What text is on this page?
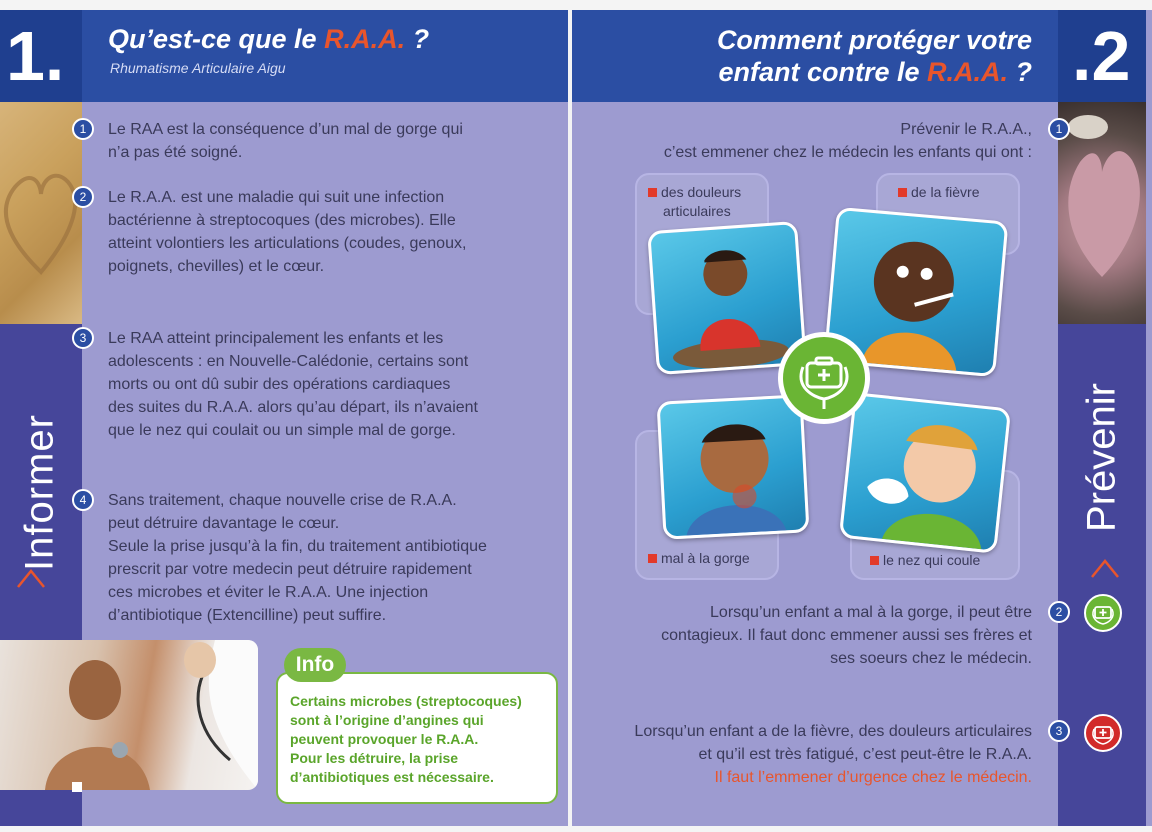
1. Qu’est-ce que le R.A.A. ?
Rhumatisme Articulaire Aigu
Informer
1	Le RAA est la conséquence d’un mal de gorge qui
n’a pas été soigné.
2	Le R.A.A. est une maladie qui suit une infection
bactérienne à streptocoques (des microbes). Elle
atteint volontiers les articulations (coudes, genoux,
poignets, chevilles) et le cœur.
3	Le RAA atteint principalement les enfants et les
adolescents : en Nouvelle-Calédonie, certains sont
morts ou ont dû subir des opérations cardiaques
des suites du R.A.A. alors qu’au départ, ils n’avaient
que le nez qui coulait ou un simple mal de gorge.
4	Sans traitement, chaque nouvelle crise de R.A.A.
peut détruire davantage le cœur.
Seule la prise jusqu’à la fin, du traitement antibiotique
prescrit par votre medecin peut détruire rapidement
ces microbes et éviter le R.A.A. Une injection
d’antibiotique (Extencilline) peut suffire.
Info
Certains microbes (streptocoques)
sont à l’origine d’angines qui
peuvent provoquer le R.A.A.
Pour les détruire, la prise
d’antibiotiques est nécessaire.
.2
Comment protéger votre
enfant contre le R.A.A. ?
Prévenir
1
Prévenir le R.A.A.,
c’est emmener chez le médecin les enfants qui ont :
des douleurs
articulaires
de la fièvre
mal à la gorge	le nez qui coule
2
Lorsqu’un enfant a mal à la gorge, il peut être
contagieux. Il faut donc emmener aussi ses frères et
ses soeurs chez le médecin.
3
Lorsqu’un enfant a de la fièvre, des douleurs articulaires
et qu’il est très fatigué, c’est peut-être le R.A.A.
Il faut l’emmener d’urgence chez le médecin.
